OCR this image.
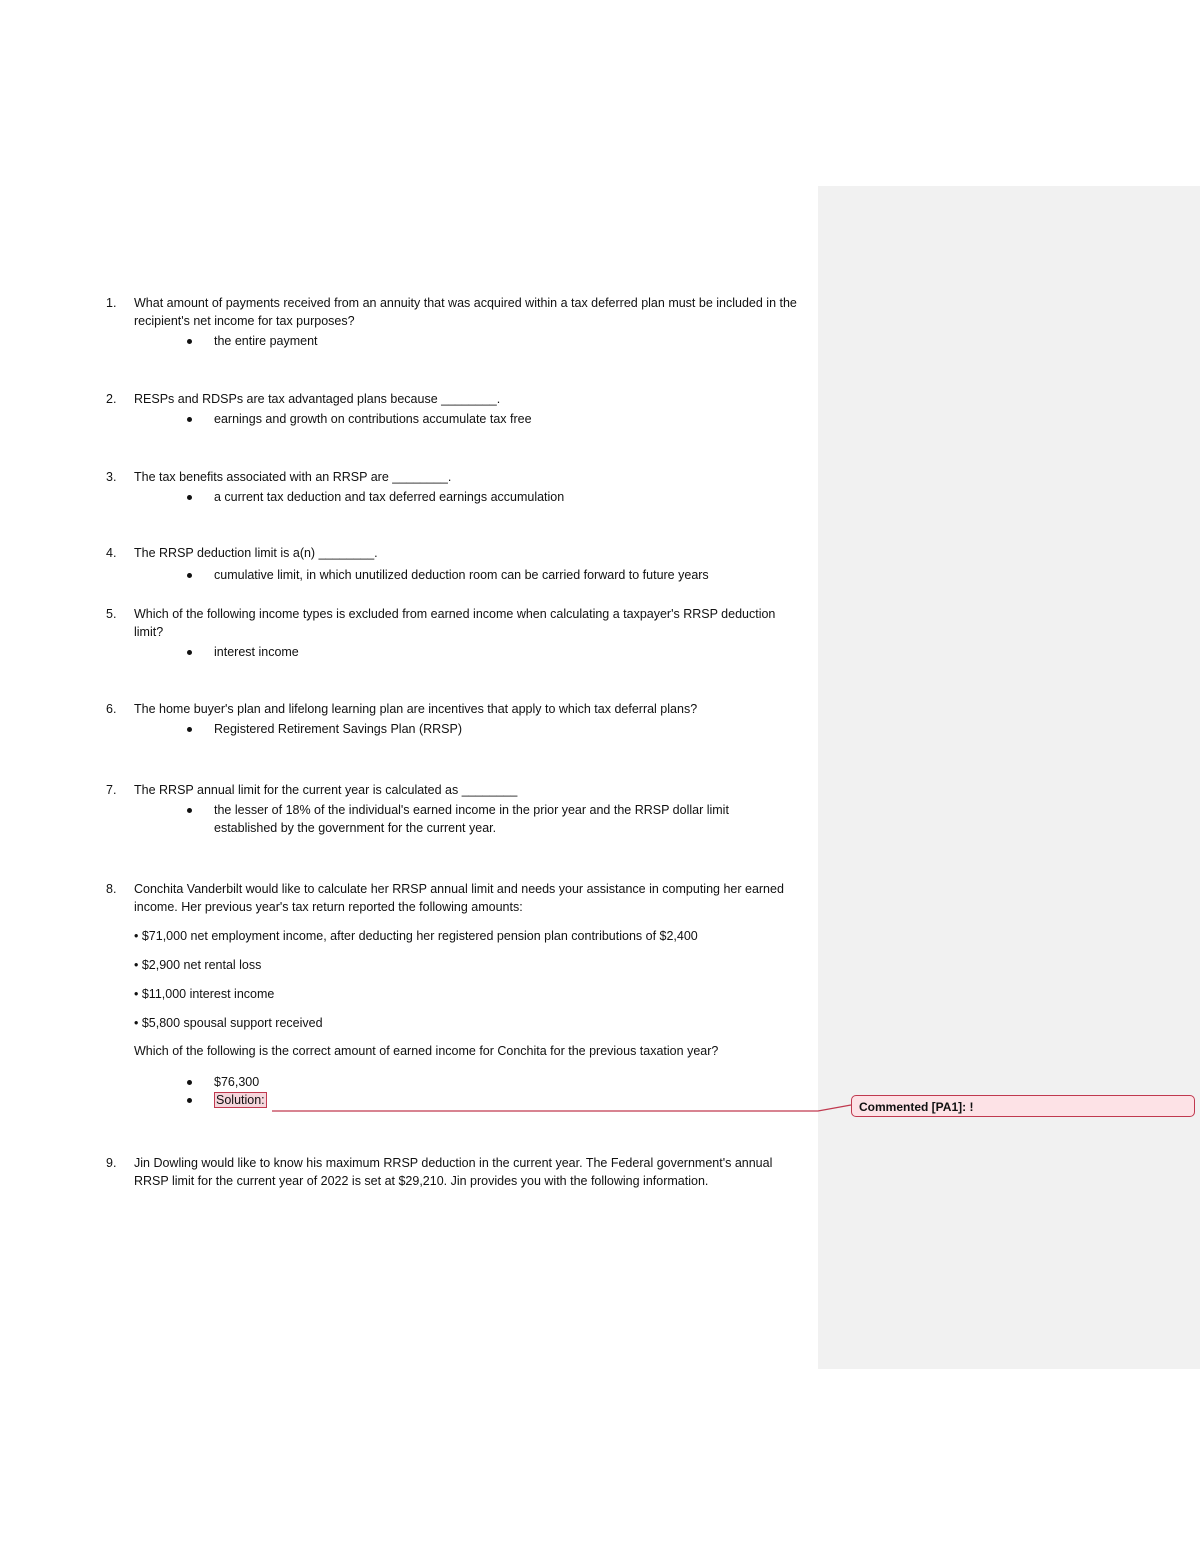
1.	What amount of payments received from an annuity that was acquired within a tax deferred plan must be included in the recipient's net income for tax purposes?
the entire payment
2.	RESPs and RDSPs are tax advantaged plans because ________.
earnings and growth on contributions accumulate tax free
3.	The tax benefits associated with an RRSP are ________.
a current tax deduction and tax deferred earnings accumulation
4.	The RRSP deduction limit is a(n) ________.
cumulative limit, in which unutilized deduction room can be carried forward to future years
5.	Which of the following income types is excluded from earned income when calculating a taxpayer's RRSP deduction limit?
interest income
6.	The home buyer's plan and lifelong learning plan are incentives that apply to which tax deferral plans?
Registered Retirement Savings Plan (RRSP)
7.	The RRSP annual limit for the current year is calculated as ________
the lesser of 18% of the individual's earned income in the prior year and the RRSP dollar limit established by the government for the current year.
8.	Conchita Vanderbilt would like to calculate her RRSP annual limit and needs your assistance in computing her earned income. Her previous year's tax return reported the following amounts:
• $71,000 net employment income, after deducting her registered pension plan contributions of $2,400
• $2,900 net rental loss
• $11,000 interest income
• $5,800 spousal support received
Which of the following is the correct amount of earned income for Conchita for the previous taxation year?
$76,300
Solution:
9.	Jin Dowling would like to know his maximum RRSP deduction in the current year. The Federal government's annual RRSP limit for the current year of 2022 is set at $29,210. Jin provides you with the following information.
Commented [PA1]: !
